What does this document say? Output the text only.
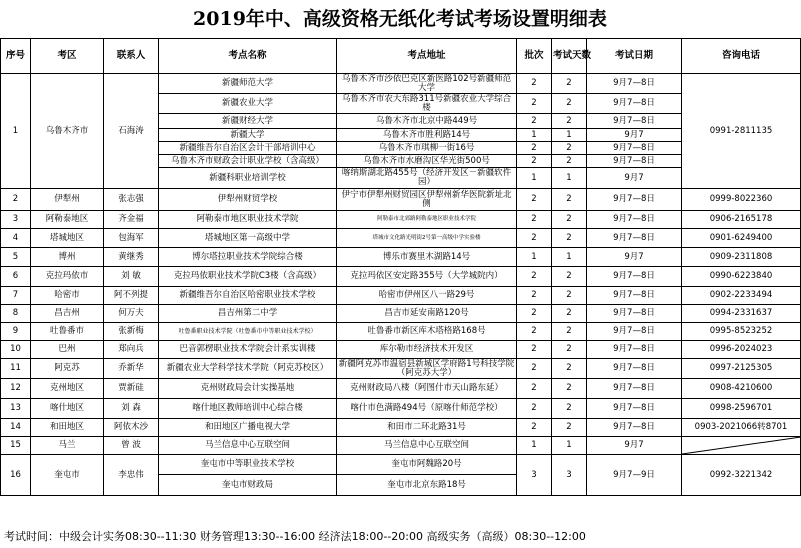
2019年中、高级资格无纸化考试考场设置明细表
序号	考区	联系人	考点名称	考点地址	批次	考试天数	考试日期	咨询电话
1	乌鲁木齐市	石海涛	新疆师范大学	乌鲁木齐市沙依巴克区新医路102号新疆师范大学	2	2	9月7—8日	0991-2811135
			新疆农业大学	乌鲁木齐市农大东路311号新疆农业大学综合楼	2	2	9月7—8日	
			新疆财经大学	乌鲁木齐市北京中路449号	2	2	9月7—8日	
			新疆大学	乌鲁木齐市胜利路14号	1	1	9月7	
			新疆维吾尔自治区会计干部培训中心	乌鲁木齐市琪柳一街16号	2	2	9月7—8日	
			乌鲁木齐市财政会计职业学校（含高级）	乌鲁木齐市水磨沟区华光街500号	2	2	9月7—8日	
			新疆科职业培训学校	喀纳斯湖北路455号（经济开发区－新疆软件园）	1	1	9月7	
2	伊犁州	张志强	伊犁州财贸学校	伊宁市伊犁州财贸园区伊犁州新华医院新址北侧	2	2	9月7—8日	0999-8022360
3	阿勒泰地区	齐金福	阿勒泰市地区职业技术学院	阿勒泰市北郊路阿勒泰地区职业技术学院	2	2	9月7—8日	0906-2165178
4	塔城地区	包海军	塔城地区第一高级中学	塔城市文化路光明街2号第一高级中学实验楼	2	2	9月7—8日	0901-6249400
5	博州	黄继秀	博尔塔拉职业技术学院综合楼	博乐市赛里木湖路14号	1	1	9月7	0909-2311808
6	克拉玛依市	刘 敏	克拉玛依职业技术学院C3楼（含高级）	克拉玛依区安定路355号（大学城院内）	2	2	9月7—8日	0990-6223840
7	哈密市	阿不列提	新疆维吾尔自治区哈密职业技术学校	哈密市伊州区八一路29号	2	2	9月7—8日	0902-2233494
8	昌吉州	何万夫	昌吉州第二中学	昌吉市延安南路120号	2	2	9月7—8日	0994-2331637
9	吐鲁番市	张新梅	吐鲁番职业技术学院（吐鲁番市中等职业技术学校）	吐鲁番市新区库木塔格路168号	2	2	9月7—8日	0995-8523252
10	巴州	郑向兵	巴音郭楞职业技术学院会计系实训楼	库尔勒市经济技术开发区	2	2	9月7—8日	0996-2024023
11	阿克苏	乔新华	新疆农业大学科学技术学院（阿克苏校区）	新疆阿克苏市温宿县新城区学府路1号科技学院（阿克苏大学）	2	2	9月7—8日	0997-2125305
12	克州地区	贾新硅	克州财政局会计实操基地	克州财政局八楼（阿图什市天山路东延）	2	2	9月7—8日	0908-4210600
13	喀什地区	刘 森	喀什地区教师培训中心综合楼	喀什市色满路494号（原喀什师范学校）	2	2	9月7—8日	0998-2596701
14	和田地区	阿依木沙	和田地区广播电视大学	和田市二环北路31号	2	2	9月7—8日	0903-2021066转8701
15	马兰	曾 波	马兰信息中心互联空间	马兰信息中心互联空间	1	1	9月7	

16	奎屯市	李忠伟	奎屯市中等职业技术学校	奎屯市阿魏路20号	3	3	9月7—9日	0992-3221342
			奎屯市财政局	奎屯市北京东路18号				
考试时间：中级会计实务08:30--11:30 财务管理13:30--16:00 经济法18:00--20:00 高级实务（高级）08:30--12:00
